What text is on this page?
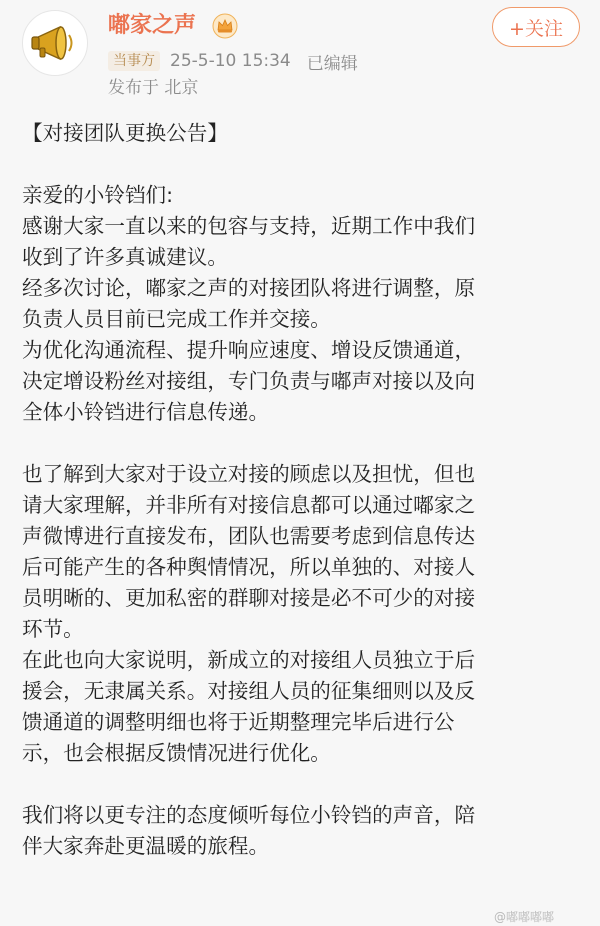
嘟家之声	+关注
当事方 25-5-10 15:34 已编辑
发布于 北京

【对接团队更换公告】

亲爱的小铃铛们:

感谢大家一直以来的包容与支持，近期工作中我们

收到了许多真诚建议。

经多次讨论，嘟家之声的对接团队将进行调整，原

负责人员目前已完成工作并交接。

为优化沟通流程、提升响应速度、增设反馈通道，

决定增设粉丝对接组，专门负责与嘟声对接以及向

全体小铃铛进行信息传递。

也了解到大家对于设立对接的顾虑以及担忧，但也

请大家理解，并非所有对接信息都可以通过嘟家之

声微博进行直接发布，团队也需要考虑到信息传达

后可能产生的各种舆情情况，所以单独的、对接人

员明晰的、更加私密的群聊对接是必不可少的对接

环节。

在此也向大家说明，新成立的对接组人员独立于后

援会，无隶属关系。对接组人员的征集细则以及反

馈通道的调整明细也将于近期整理完毕后进行公

示，也会根据反馈情况进行优化。

我们将以更专注的态度倾听每位小铃铛的声音，陪

伴大家奔赴更温暖的旅程。

@嘟嘟嘟嘟
